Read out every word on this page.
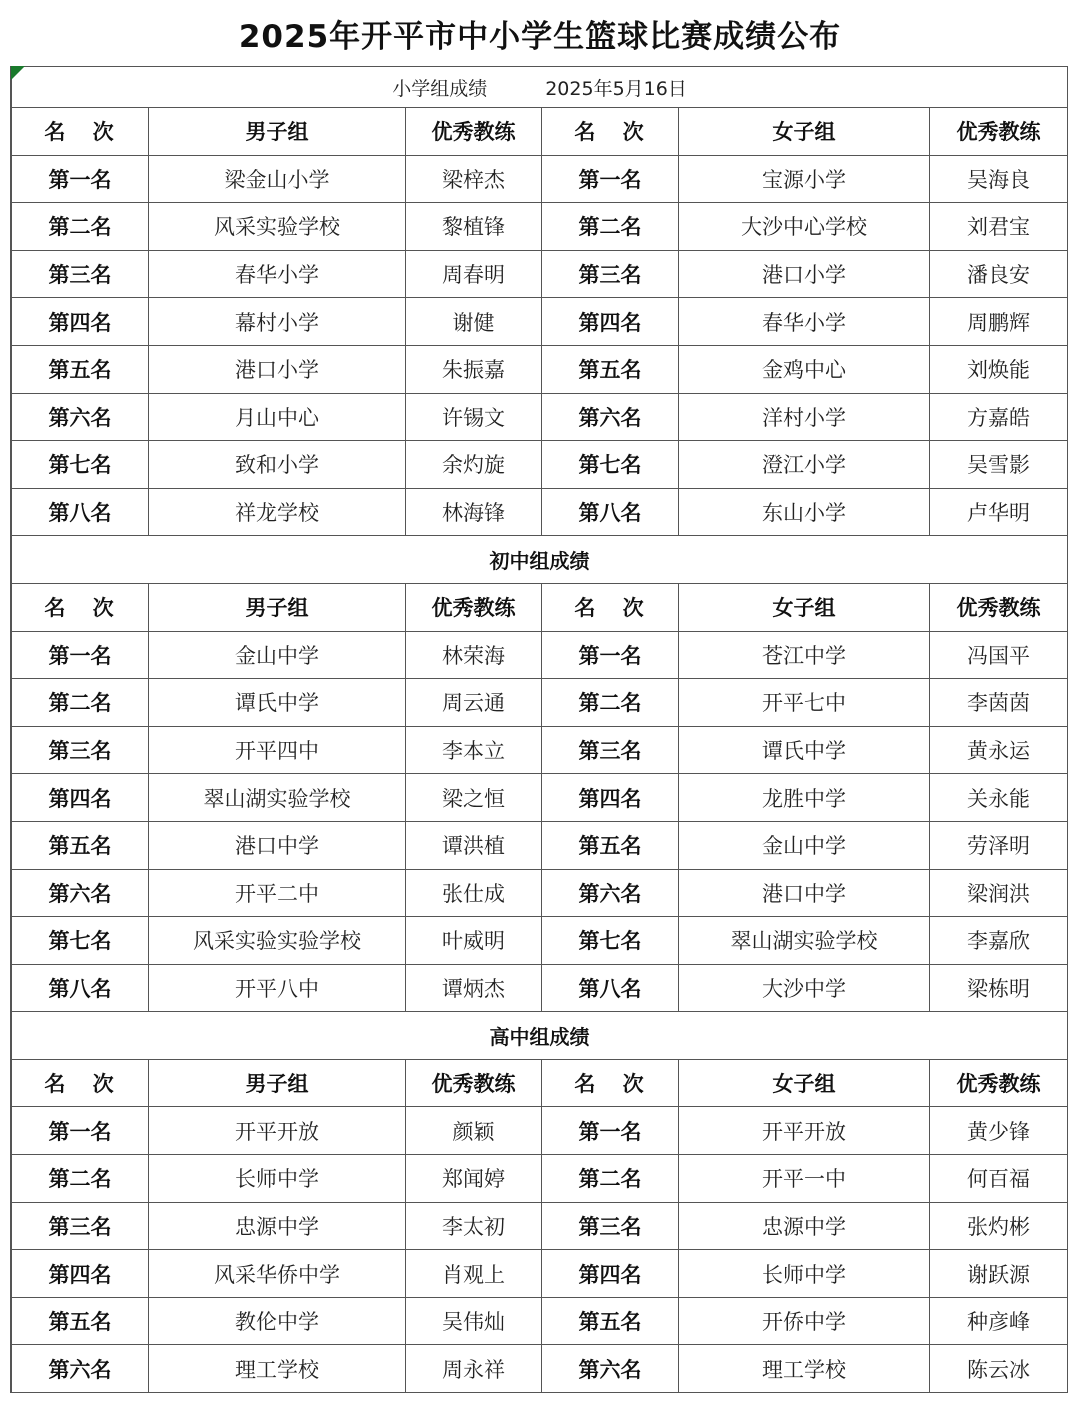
2025年开平市中小学生篮球比赛成绩公布
小学组成绩 2025年5月16日					
名 次	男子组	优秀教练	名 次	女子组	优秀教练
第一名	梁金山小学	梁梓杰	第一名	宝源小学	吴海良
第二名	风采实验学校	黎植锋	第二名	大沙中心学校	刘君宝
第三名	春华小学	周春明	第三名	港口小学	潘良安
第四名	幕村小学	谢健	第四名	春华小学	周鹏辉
第五名	港口小学	朱振嘉	第五名	金鸡中心	刘焕能
第六名	月山中心	许锡文	第六名	洋村小学	方嘉皓
第七名	致和小学	余灼旋	第七名	澄江小学	吴雪影
第八名	祥龙学校	林海锋	第八名	东山小学	卢华明
初中组成绩					
名 次	男子组	优秀教练	名 次	女子组	优秀教练
第一名	金山中学	林荣海	第一名	苍江中学	冯国平
第二名	谭氏中学	周云通	第二名	开平七中	李茵茵
第三名	开平四中	李本立	第三名	谭氏中学	黄永运
第四名	翠山湖实验学校	梁之恒	第四名	龙胜中学	关永能
第五名	港口中学	谭洪植	第五名	金山中学	劳泽明
第六名	开平二中	张仕成	第六名	港口中学	梁润洪
第七名	风采实验实验学校	叶威明	第七名	翠山湖实验学校	李嘉欣
第八名	开平八中	谭炳杰	第八名	大沙中学	梁栋明
高中组成绩					
名 次	男子组	优秀教练	名 次	女子组	优秀教练
第一名	开平开放	颜颖	第一名	开平开放	黄少锋
第二名	长师中学	郑闻婷	第二名	开平一中	何百福
第三名	忠源中学	李太初	第三名	忠源中学	张灼彬
第四名	风采华侨中学	肖观上	第四名	长师中学	谢跃源
第五名	教伦中学	吴伟灿	第五名	开侨中学	种彦峰
第六名	理工学校	周永祥	第六名	理工学校	陈云冰
